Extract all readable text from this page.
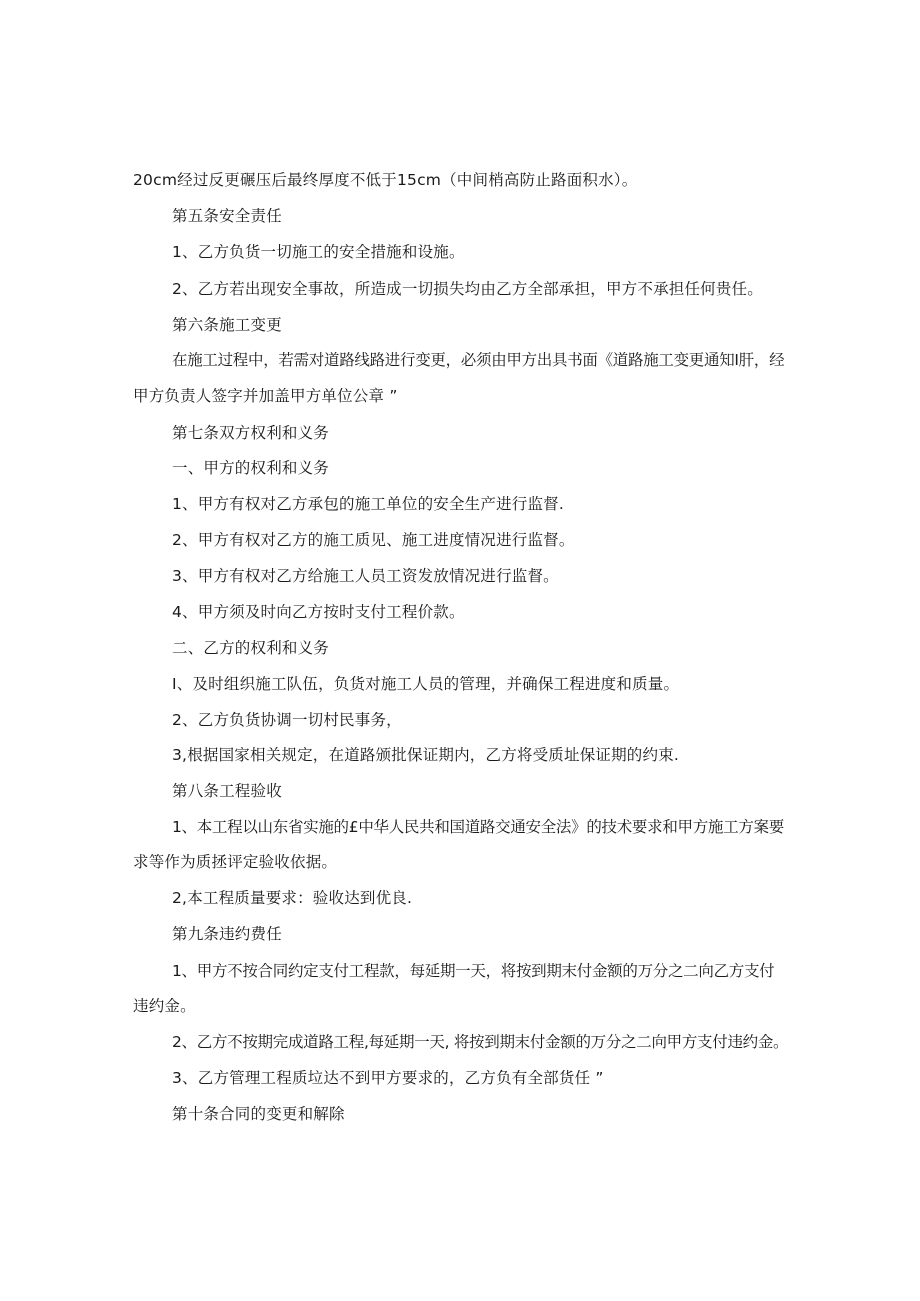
20cm经过反更碾压后最终厚度不低于15cm（中间梢高防止路面积水）。
第五条安全责任
1、乙方负货一切施工的安全措施和设施。
2、乙方若出现安全事故，所造成一切损失均由乙方全部承担，甲方不承担任何贵任。
第六条施工变更
在施工过程中，若需对道路线路进行变更，必须由甲方出具书面《道路施工变更通知I肝，经
甲方负责人签字并加盖甲方单位公章 ”
第七条双方权利和义务
一、甲方的权利和义务
1、甲方有权对乙方承包的施工单位的安全生产进行监督.
2、甲方有权对乙方的施工质见、施工进度情况进行监督。
3、甲方有权对乙方给施工人员工资发放情况进行监督。
4、甲方须及时向乙方按时支付工程价款。
二、乙方的权利和义务
I、及时组织施工队伍，负货对施工人员的管理，并确保工程进度和质量。
2、乙方负货协调一切村民事务，
3,根据国家相关规定，在道路颁批保证期内，乙方将受质址保证期的约束.
第八条工程验收
1、本工程以山东省实施的£中华人民共和国道路交通安全法》的技术要求和甲方施工方案要
求等作为质拯评定验收依据。
2,本工程质量要求：验收达到优良.
第九条违约费任
1、甲方不按合同约定支付工程款，每延期一天，将按到期末付金额的万分之二向乙方支付
违约金。
2、乙方不按期完成道路工程,每延期一天, 将按到期末付金额的万分之二向甲方支付违约金。
3、乙方管理工程质垃达不到甲方要求的，乙方负有全部货任 ”
第十条合同的变更和解除
